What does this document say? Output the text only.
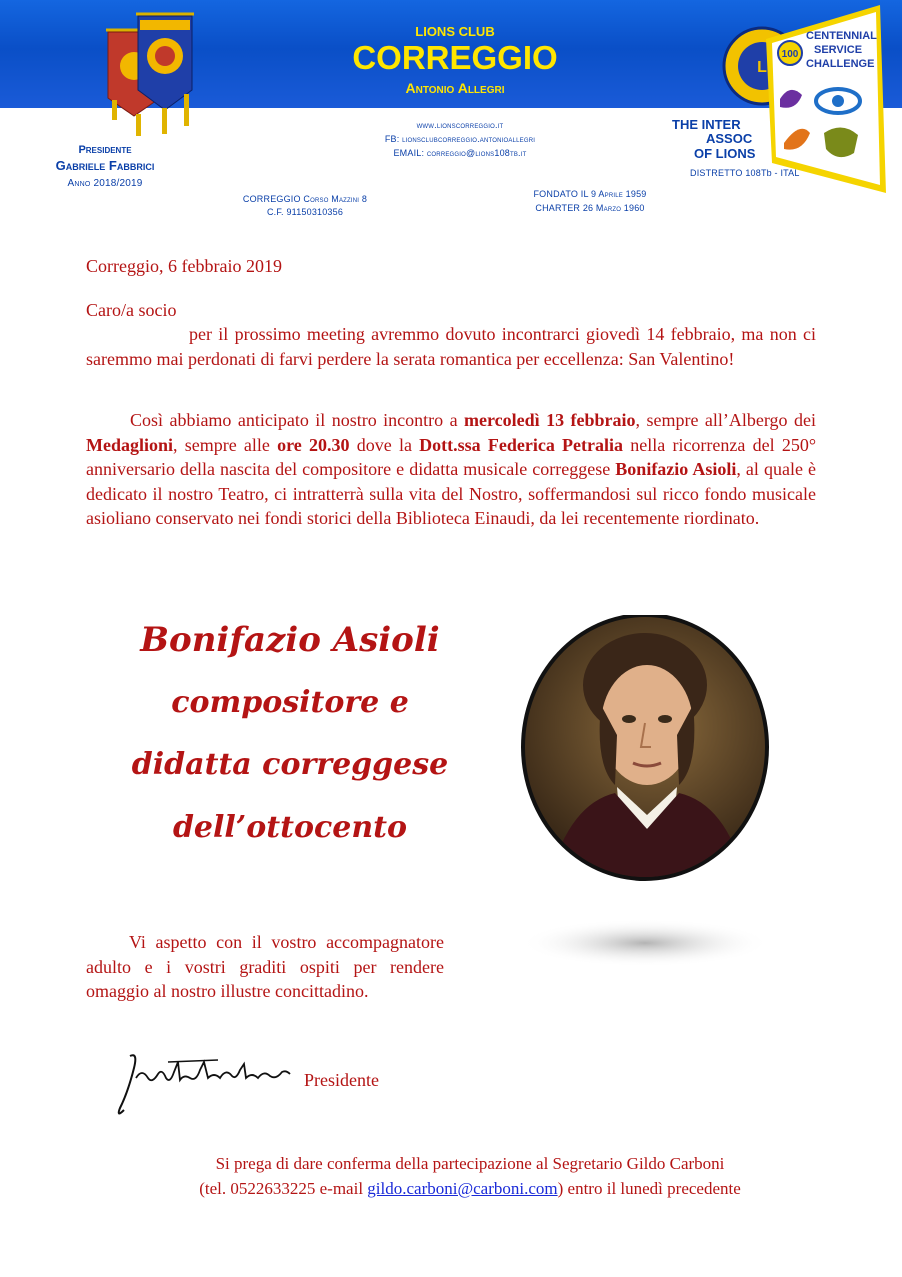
LIONS CLUB
CORREGGIO
Antonio Allegri
L
100
CENTENNIAL
SERVICE
CHALLENGE
Presidente
Gabriele Fabbrici
Anno 2018/2019
www.lionscorreggio.it
FB: lionsclubcorreggio.antonioallegri
EMAIL: correggio@lions108tb.it
CORREGGIO Corso Mazzini 8
C.F. 91150310356
FONDATO IL 9 Aprile 1959
CHARTER 26 Marzo 1960
THE INTER
ASSOC
OF LIONS
DISTRETTO 108Tb - ITAL
Correggio, 6 febbraio 2019
Caro/a socio
per il prossimo meeting avremmo dovuto incontrarci giovedì 14 febbraio, ma non ci saremmo mai perdonati di farvi perdere la serata romantica per eccellenza: San Valentino!
Così abbiamo anticipato il nostro incontro a mercoledì 13 febbraio, sempre all’Albergo dei Medaglioni, sempre alle ore 20.30 dove la Dott.ssa Federica Petralia nella ricorrenza del 250° anniversario della nascita del compositore e didatta musicale correggese Bonifazio Asioli, al quale è dedicato il nostro Teatro, ci intratterrà sulla vita del Nostro, soffermandosi sul ricco fondo musicale asioliano conservato nei fondi storici della Biblioteca Einaudi, da lei recentemente riordinato.
Bonifazio Asioli
compositore e
didatta correggese
dell’ottocento
Vi aspetto con il vostro accompagnatore adulto e i vostri graditi ospiti per rendere omaggio al nostro illustre concittadino.
Presidente
Si prega di dare conferma della partecipazione al Segretario Gildo Carboni
(tel. 0522633225 e-mail gildo.carboni@carboni.com) entro il lunedì precedente
